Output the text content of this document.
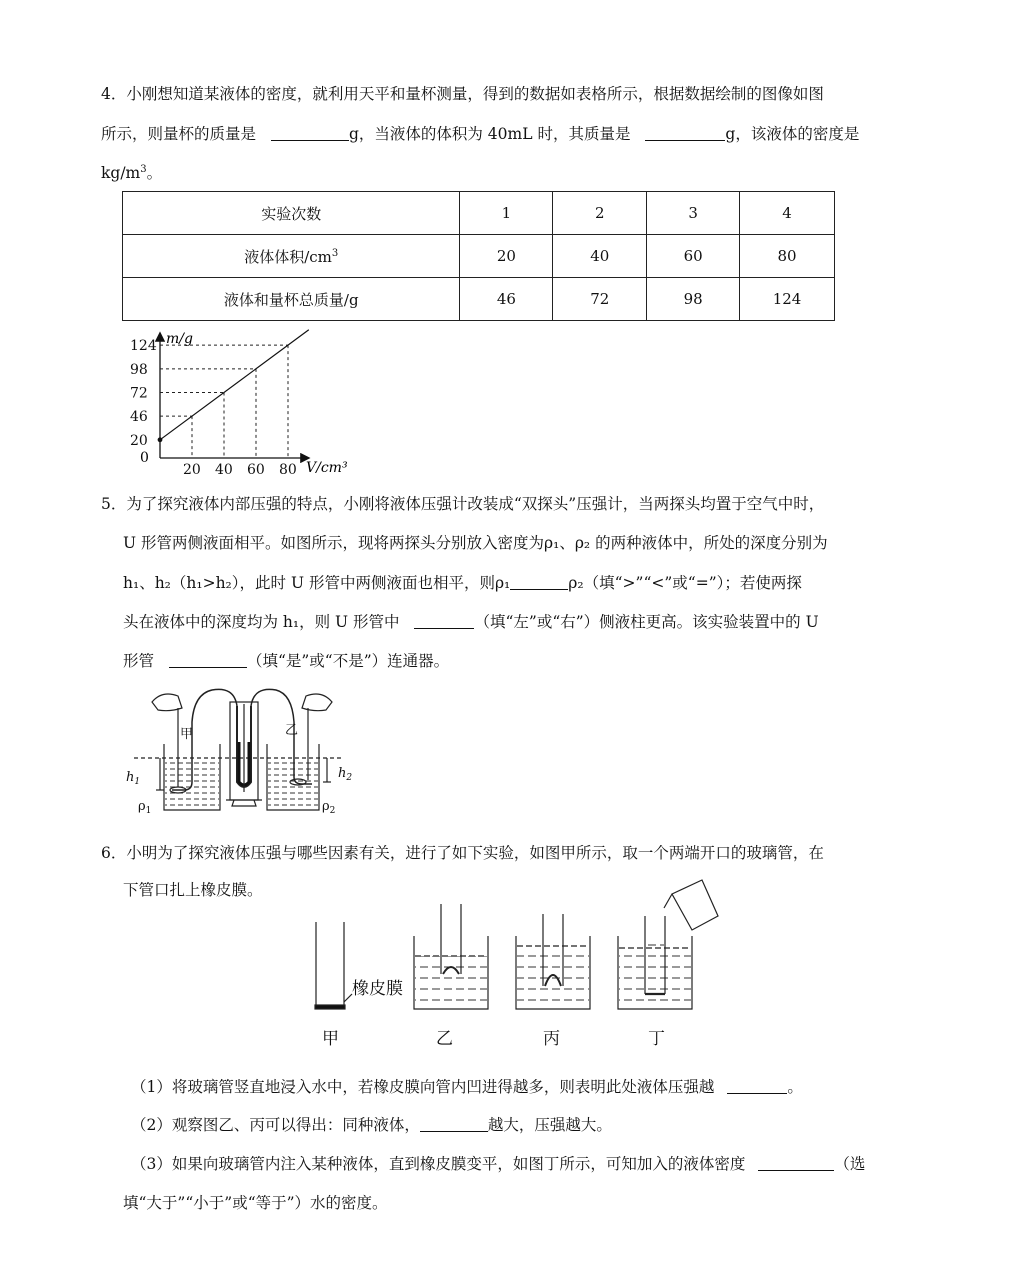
4．小刚想知道某液体的密度，就利用天平和量杯测量，得到的数据如表格所示，根据数据绘制的图像如图
所示，则量杯的质量是	g，当液体的体积为 40mL 时，其质量是	g，该液体的密度是
$kg/m^3$。
实验次数	1	2	3	4
液体体积$/cm^3$	20	40	60	80
液体和量杯总质量/g	46	72	98	124
m/g
V/cm³
0
20
20
46
40
72
60
98
80
124
5．为了探究液体内部压强的特点，小刚将液体压强计改装成“双探头”压强计，当两探头均置于空气中时，
U 形管两侧液面相平。如图所示，现将两探头分别放入密度为ρ₁、ρ₂ 的两种液体中，所处的深度分别为
h₁、h₂（h₁>h₂），此时 U 形管中两侧液面也相平，则ρ₁	ρ₂（填“>”“<”或“=”）；若使两探
头在液体中的深度均为 h₁，则 U 形管中	（填“左”或“右”）侧液柱更高。该实验装置中的 U
形管	（填“是”或“不是”）连通器。
甲	乙
$h_1$
$h_2$
$\rho_1$	$\rho_2$
6．小明为了探究液体压强与哪些因素有关，进行了如下实验，如图甲所示，取一个两端开口的玻璃管，在
下管口扎上橡皮膜。
橡皮膜
甲	乙	丙	丁
（1）将玻璃管竖直地浸入水中，若橡皮膜向管内凹进得越多，则表明此处液体压强越	。
（2）观察图乙、丙可以得出：同种液体，	越大，压强越大。
（3）如果向玻璃管内注入某种液体，直到橡皮膜变平，如图丁所示，可知加入的液体密度	（选
填“大于”“小于”或“等于”）水的密度。
